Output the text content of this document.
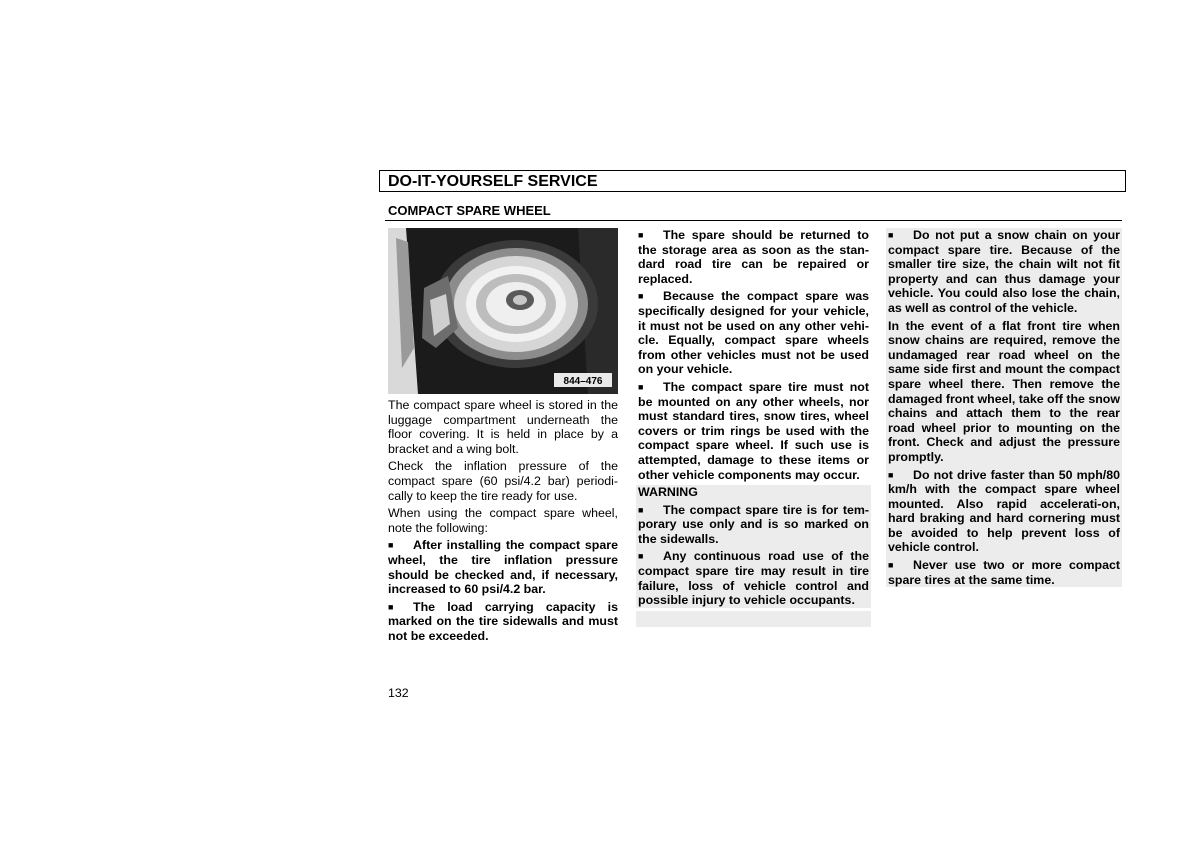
DO-IT-YOURSELF SERVICE
COMPACT SPARE WHEEL
844–476

The compact spare wheel is stored in the luggage compartment underneath the floor covering. It is held in place by a bracket and a wing bolt.

Check the inflation pressure of the compact spare (60 psi/4.2 bar) periodi-cally to keep the tire ready for use.

When using the compact spare wheel, note the following:

■ After installing the compact spare wheel, the tire inflation pressure should be checked and, if necessary, increased to 60 psi/4.2 bar.

■ The load carrying capacity is marked on the tire sidewalls and must not be exceeded.

■ The spare should be returned to the storage area as soon as the stan-dard road tire can be repaired or replaced.

■ Because the compact spare was specifically designed for your vehicle, it must not be used on any other vehi-cle. Equally, compact spare wheels from other vehicles must not be used on your vehicle.

■ The compact spare tire must not be mounted on any other wheels, nor must standard tires, snow tires, wheel covers or trim rings be used with the compact spare wheel. If such use is attempted, damage to these items or other vehicle components may occur.

WARNING

■ The compact spare tire is for tem-porary use only and is so marked on the sidewalls.

■ Any continuous road use of the compact spare tire may result in tire failure, loss of vehicle control and possible injury to vehicle occupants.

■ Do not put a snow chain on your compact spare tire. Because of the smaller tire size, the chain wilt not fit property and can thus damage your vehicle. You could also lose the chain, as well as control of the vehicle.

In the event of a flat front tire when snow chains are required, remove the undamaged rear road wheel on the same side first and mount the compact spare wheel there. Then remove the damaged front wheel, take off the snow chains and attach them to the rear road wheel prior to mounting on the front. Check and adjust the pressure promptly.

■ Do not drive faster than 50 mph/80 km/h with the compact spare wheel mounted. Also rapid accelerati-on, hard braking and hard cornering must be avoided to help prevent loss of vehicle control.

■ Never use two or more compact spare tires at the same time.

132
